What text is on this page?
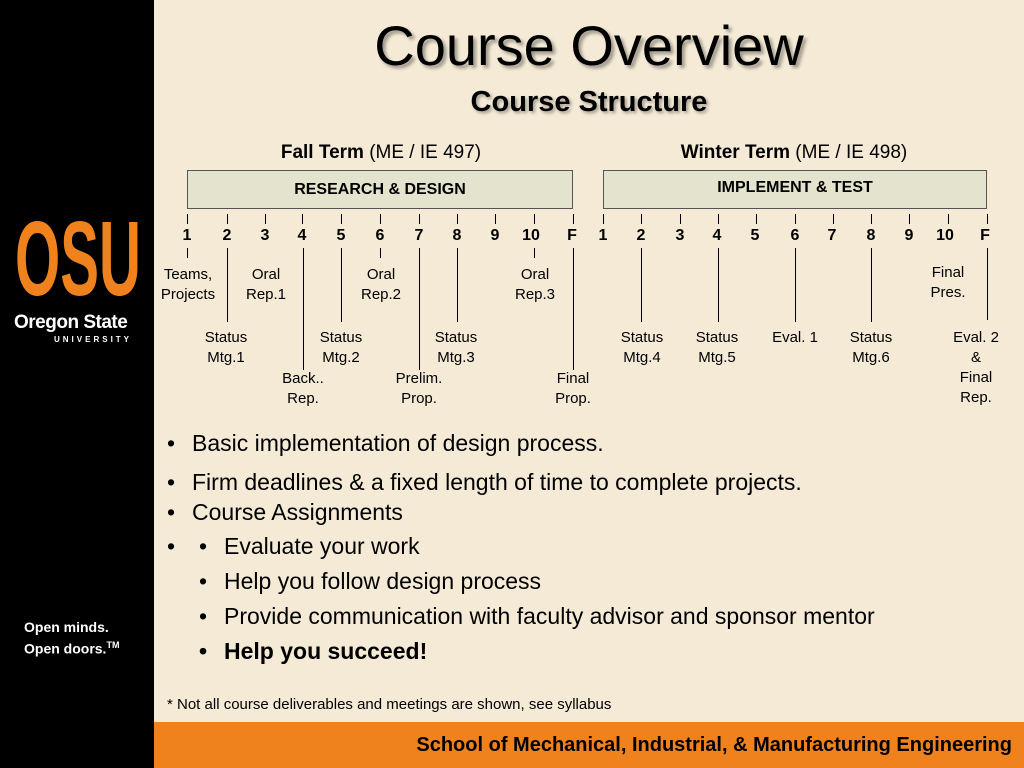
OSU
Oregon State
UNIVERSITY
Open minds.
Open doors.™
Course Overview
Course Structure
Fall Term (ME / IE 497)	Winter Term (ME / IE 498)
RESEARCH & DESIGN	IMPLEMENT & TEST
1	2	3	4	5	6	7	8	9	10	F	1	2	3	4	5	6	7	8	9	10	F
Teams,
Projects
Oral
Rep.1
Oral
Rep.2
Oral
Rep.3
Final
Pres.
Status
Mtg.1
Status
Mtg.2
Status
Mtg.3
Status
Mtg.4
Status
Mtg.5
Eval. 1	Status
Mtg.6
Eval. 2
&
Final
Rep.
Back..
Rep.
Prelim.
Prop.
Final
Prop.
• Basic implementation of design process.
• Firm deadlines & a fixed length of time to complete projects.
• Course Assignments
• • Evaluate your work
• Help you follow design process
• Provide communication with faculty advisor and sponsor mentor
• Help you succeed!
* Not all course deliverables and meetings are shown, see syllabus
School of Mechanical, Industrial, & Manufacturing Engineering
